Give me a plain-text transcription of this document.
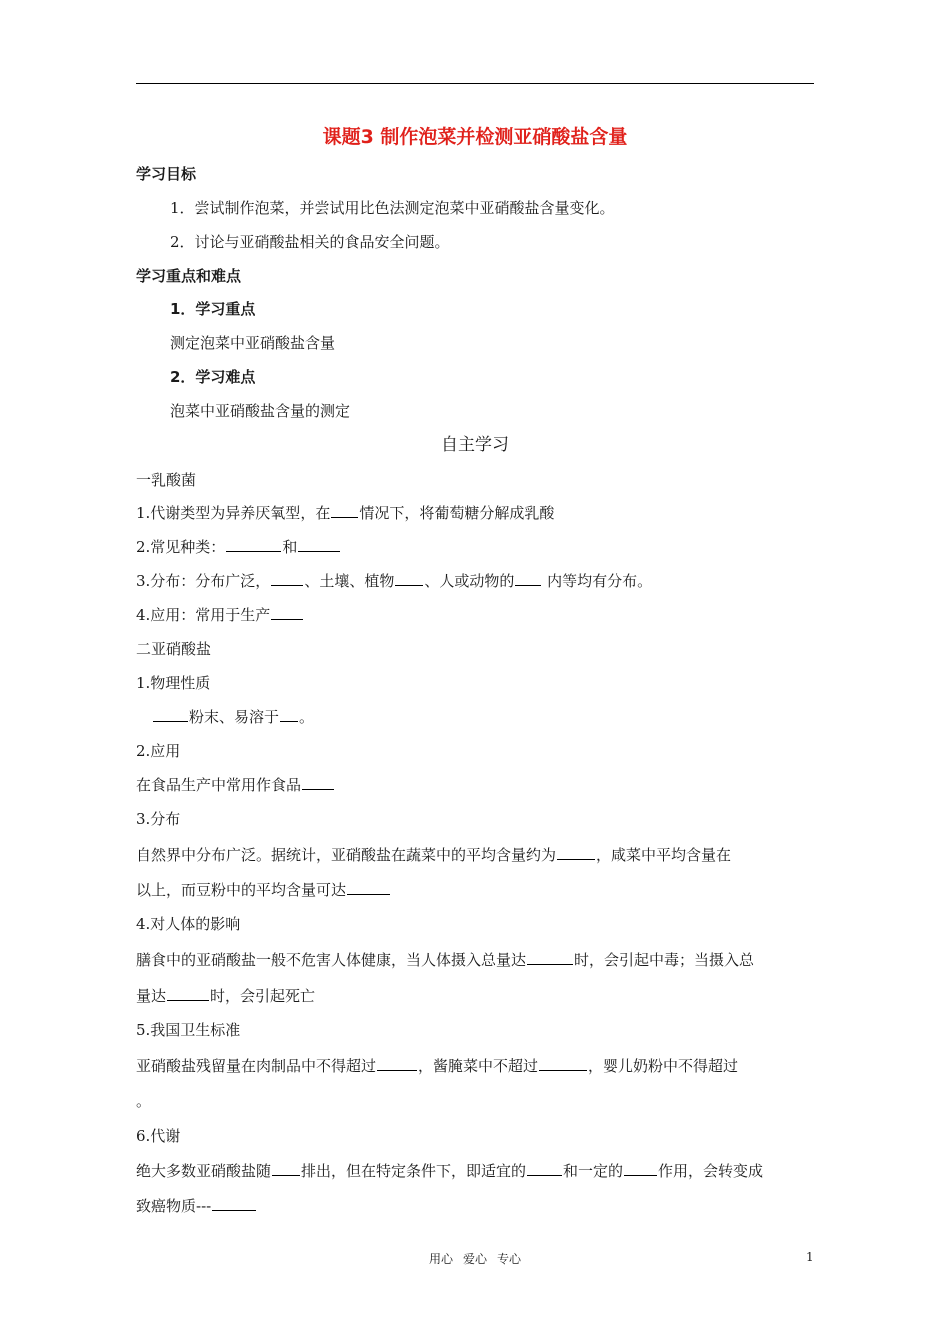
课题3 制作泡菜并检测亚硝酸盐含量
学习目标
1．尝试制作泡菜，并尝试用比色法测定泡菜中亚硝酸盐含量变化。
2．讨论与亚硝酸盐相关的食品安全问题。
学习重点和难点
1．学习重点
测定泡菜中亚硝酸盐含量
2．学习难点
泡菜中亚硝酸盐含量的测定
自主学习
一乳酸菌
1.代谢类型为异养厌氧型，在 情况下，将葡萄糖分解成乳酸
2.常见种类：	和
3.分布：分布广泛， 、土壤、植物 、人或动物的 内等均有分布。
4.应用：常用于生产
二亚硝酸盐
1.物理性质
粉末、易溶于 。
2.应用
在食品生产中常用作食品
3.分布
自然界中分布广泛。据统计，亚硝酸盐在蔬菜中的平均含量约为	，咸菜中平均含量在
以上，而豆粉中的平均含量可达
4.对人体的影响
膳食中的亚硝酸盐一般不危害人体健康，当人体摄入总量达	时，会引起中毒；当摄入总
量达	时，会引起死亡
5.我国卫生标准
亚硝酸盐残留量在肉制品中不得超过	，酱腌菜中不超过	，婴儿奶粉中不得超过
。
6.代谢
绝大多数亚硝酸盐随 排出，但在特定条件下，即适宜的 和一定的 作用，会转变成
致癌物质---
用心 爱心 专心	1
